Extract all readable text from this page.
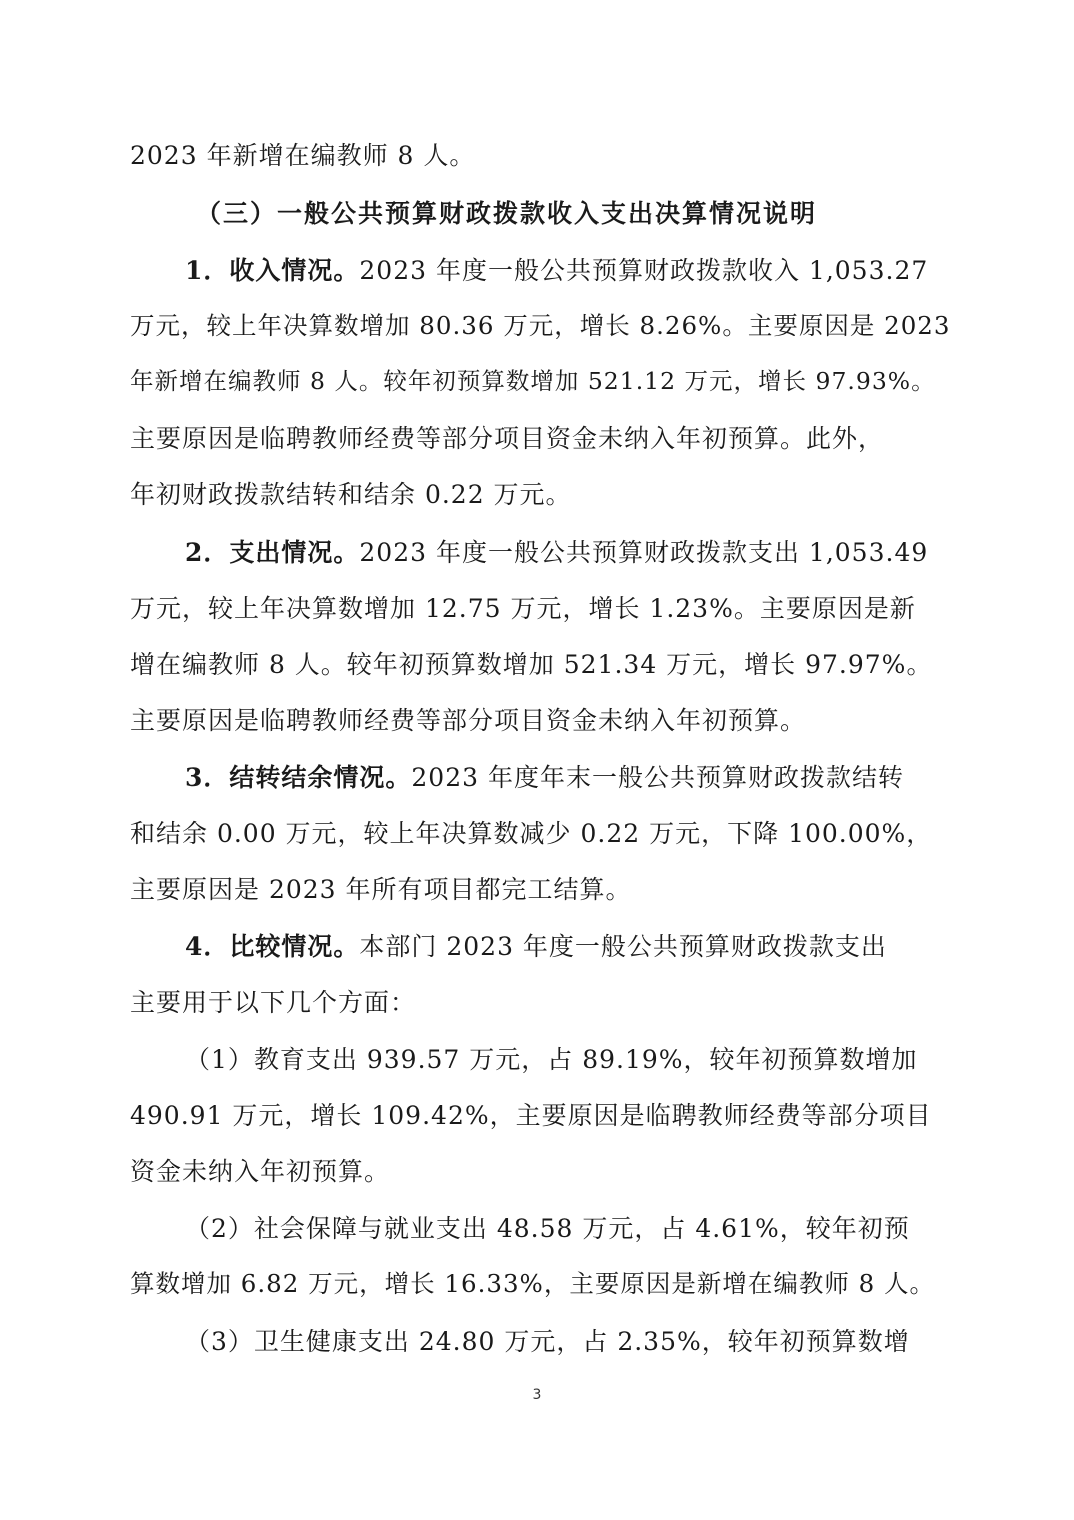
2023 年新增在编教师 8 人。
（三）一般公共预算财政拨款收入支出决算情况说明
1．收入情况。2023 年度一般公共预算财政拨款收入 1,053.27
万元，较上年决算数增加 80.36 万元，增长 8.26%。主要原因是 2023
年新增在编教师 8 人。较年初预算数增加 521.12 万元，增长 97.93%。
主要原因是临聘教师经费等部分项目资金未纳入年初预算。此外，
年初财政拨款结转和结余 0.22 万元。
2．支出情况。2023 年度一般公共预算财政拨款支出 1,053.49
万元，较上年决算数增加 12.75 万元，增长 1.23%。主要原因是新
增在编教师 8 人。较年初预算数增加 521.34 万元，增长 97.97%。
主要原因是临聘教师经费等部分项目资金未纳入年初预算。
3．结转结余情况。2023 年度年末一般公共预算财政拨款结转
和结余 0.00 万元，较上年决算数减少 0.22 万元，下降 100.00%，
主要原因是 2023 年所有项目都完工结算。
4．比较情况。本部门 2023 年度一般公共预算财政拨款支出
主要用于以下几个方面：
（1）教育支出 939.57 万元，占 89.19%，较年初预算数增加
490.91 万元，增长 109.42%，主要原因是临聘教师经费等部分项目
资金未纳入年初预算。
（2）社会保障与就业支出 48.58 万元，占 4.61%，较年初预
算数增加 6.82 万元，增长 16.33%，主要原因是新增在编教师 8 人。
（3）卫生健康支出 24.80 万元，占 2.35%，较年初预算数增
3
